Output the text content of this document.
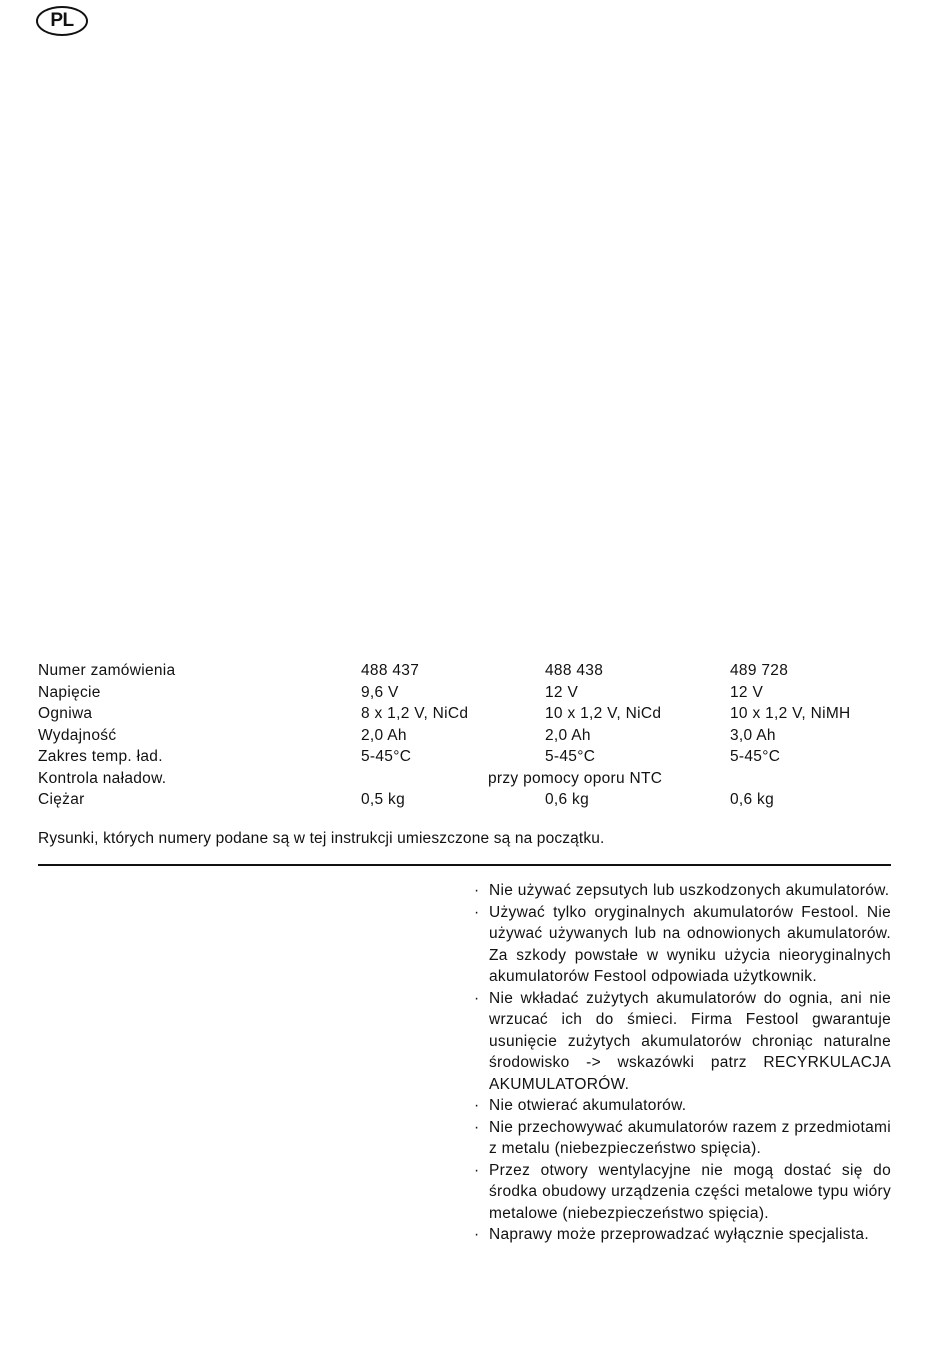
PL
Numer zamówienia	488 437	488 438	489 728
Napięcie	9,6 V	12 V	12 V
Ogniwa	8 x 1,2 V, NiCd	10 x 1,2 V, NiCd	10 x 1,2 V, NiMH
Wydajność	2,0 Ah	2,0 Ah	3,0 Ah
Zakres temp. ład.	5-45°C	5-45°C	5-45°C
Kontrola naładow.	przy pomocy oporu NTC
Ciężar	0,5 kg	0,6 kg	0,6 kg
Rysunki, których numery podane są w tej instrukcji umieszczone są na początku.
· Nie używać zepsutych lub uszkodzonych akumulatorów.
· Używać tylko oryginalnych akumulatorów Festool. Nie używać używanych lub na odnowionych akumulatorów. Za szkody powstałe w wyniku użycia nieoryginalnych akumulatorów Festool odpowiada użytkownik.
· Nie wkładać zużytych akumulatorów do ognia, ani nie wrzucać ich do śmieci. Firma Festool gwarantuje usunięcie zużytych akumulatorów chroniąc naturalne środowisko -> wskazówki patrz RECYRKULACJA AKUMULATORÓW.
· Nie otwierać akumulatorów.
· Nie przechowywać akumulatorów razem z przedmiotami z metalu (niebezpieczeństwo spięcia).
· Przez otwory wentylacyjne nie mogą dostać się do środka obudowy urządzenia części metalowe typu wióry metalowe (niebezpieczeństwo spięcia).
· Naprawy może przeprowadzać wyłącznie specjalista.
